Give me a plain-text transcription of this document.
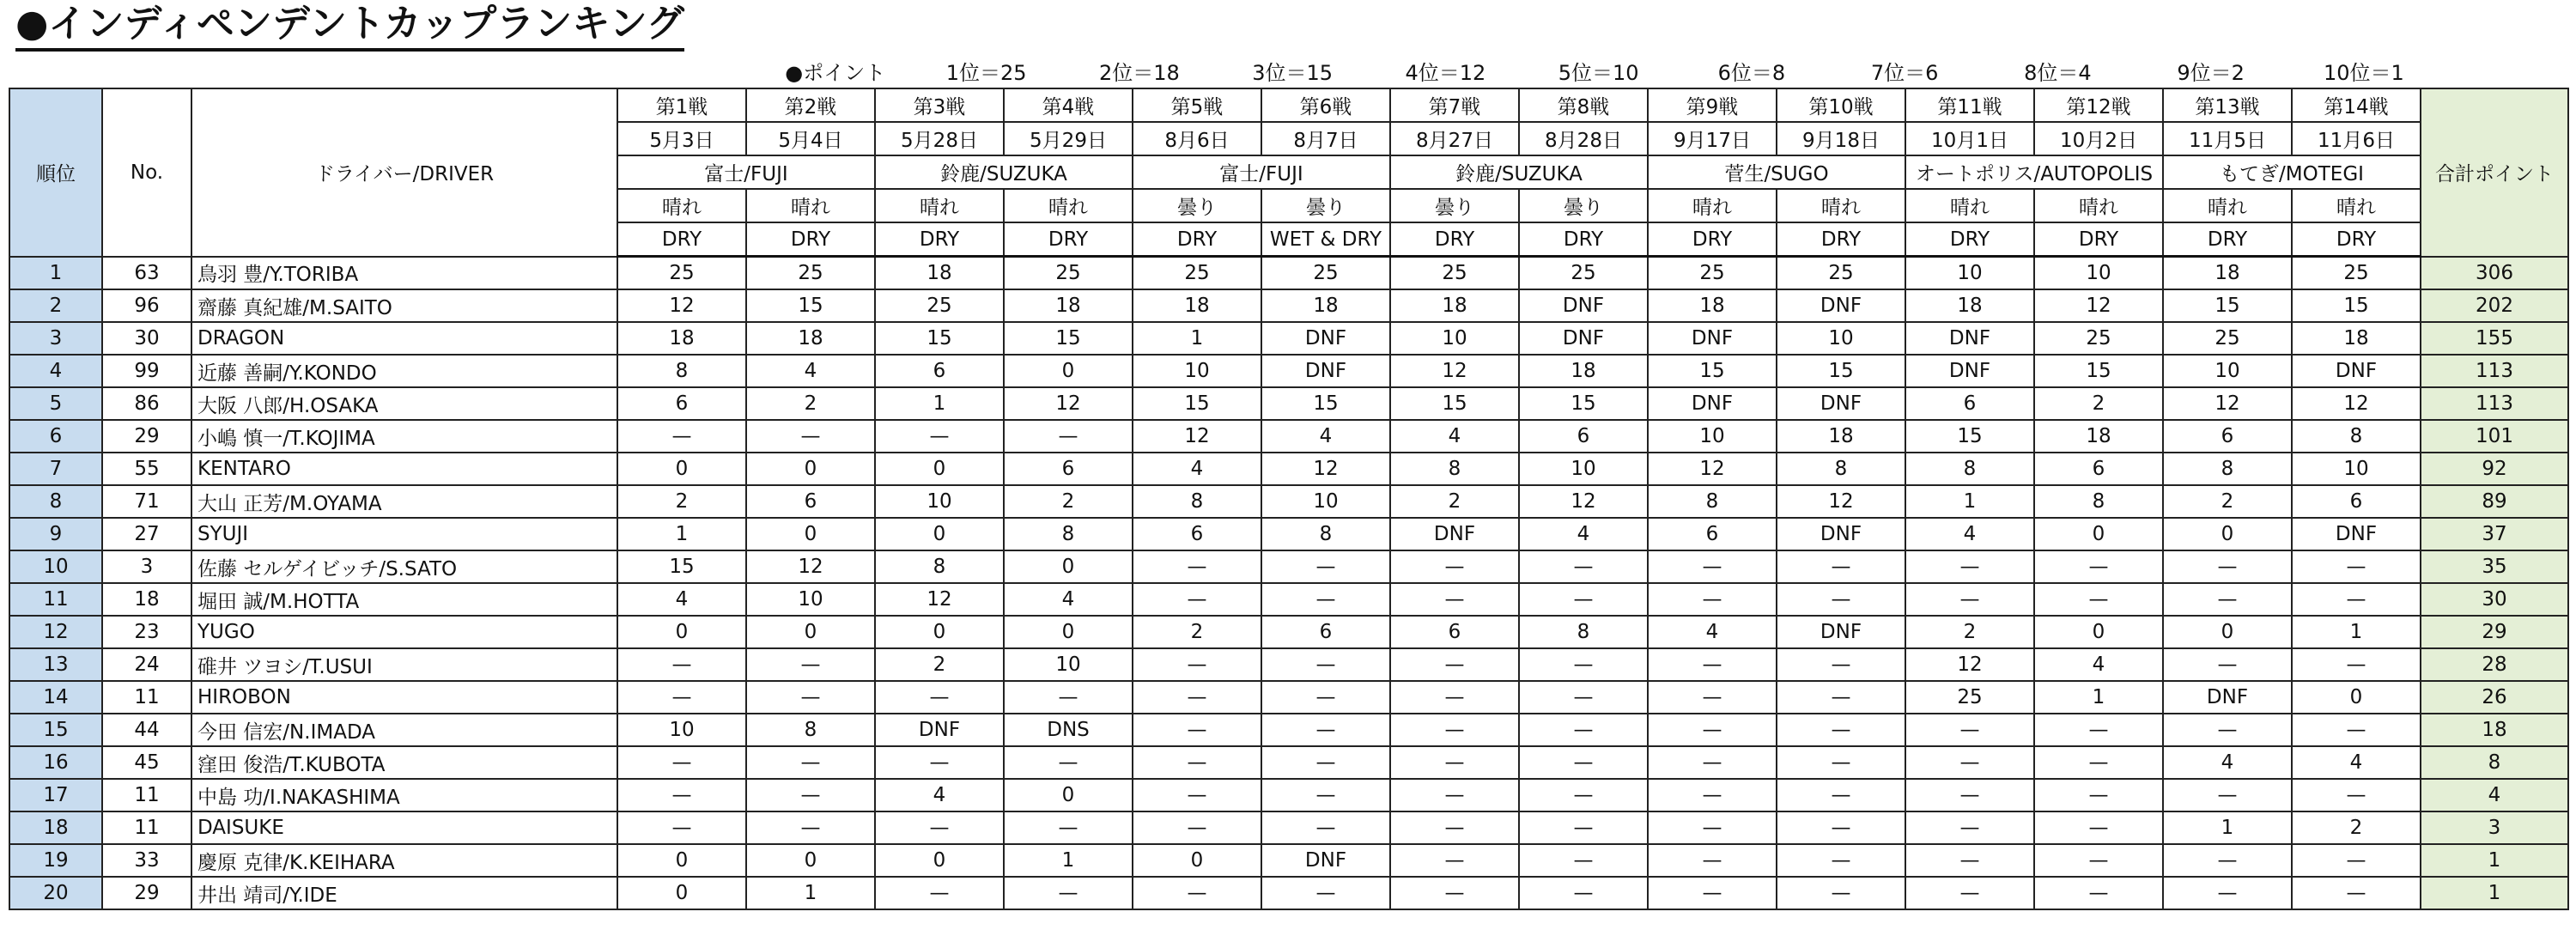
●インディペンデントカップランキング
●ポイント	1位＝25	2位＝18	3位＝15	4位＝12	5位＝10	6位＝8	7位＝6	8位＝4	9位＝2	10位＝1
順位	No.	ドライバー/DRIVER	第1戦	第2戦	第3戦	第4戦	第5戦	第6戦	第7戦	第8戦	第9戦	第10戦	第11戦	第12戦	第13戦	第14戦	合計ポイント
			5月3日	5月4日	5月28日	5月29日	8月6日	8月7日	8月27日	8月28日	9月17日	9月18日	10月1日	10月2日	11月5日	11月6日	
			富士/FUJI		鈴鹿/SUZUKA		富士/FUJI		鈴鹿/SUZUKA		菅生/SUGO		オートポリス/AUTOPOLIS		もてぎ/MOTEGI		
			晴れ	晴れ	晴れ	晴れ	曇り	曇り	曇り	曇り	晴れ	晴れ	晴れ	晴れ	晴れ	晴れ	
			DRY	DRY	DRY	DRY	DRY	WET & DRY	DRY	DRY	DRY	DRY	DRY	DRY	DRY	DRY	
1	63	鳥羽 豊/Y.TORIBA	25	25	18	25	25	25	25	25	25	25	10	10	18	25	306
2	96	齋藤 真紀雄/M.SAITO	12	15	25	18	18	18	18	DNF	18	DNF	18	12	15	15	202
3	30	DRAGON	18	18	15	15	1	DNF	10	DNF	DNF	10	DNF	25	25	18	155
4	99	近藤 善嗣/Y.KONDO	8	4	6	0	10	DNF	12	18	15	15	DNF	15	10	DNF	113
5	86	大阪 八郎/H.OSAKA	6	2	1	12	15	15	15	15	DNF	DNF	6	2	12	12	113
6	29	小嶋 慎一/T.KOJIMA	—	—	—	—	12	4	4	6	10	18	15	18	6	8	101
7	55	KENTARO	0	0	0	6	4	12	8	10	12	8	8	6	8	10	92
8	71	大山 正芳/M.OYAMA	2	6	10	2	8	10	2	12	8	12	1	8	2	6	89
9	27	SYUJI	1	0	0	8	6	8	DNF	4	6	DNF	4	0	0	DNF	37
10	3	佐藤 セルゲイビッチ/S.SATO	15	12	8	0	—	—	—	—	—	—	—	—	—	—	35
11	18	堀田 誠/M.HOTTA	4	10	12	4	—	—	—	—	—	—	—	—	—	—	30
12	23	YUGO	0	0	0	0	2	6	6	8	4	DNF	2	0	0	1	29
13	24	碓井 ツヨシ/T.USUI	—	—	2	10	—	—	—	—	—	—	12	4	—	—	28
14	11	HIROBON	—	—	—	—	—	—	—	—	—	—	25	1	DNF	0	26
15	44	今田 信宏/N.IMADA	10	8	DNF	DNS	—	—	—	—	—	—	—	—	—	—	18
16	45	窪田 俊浩/T.KUBOTA	—	—	—	—	—	—	—	—	—	—	—	—	4	4	8
17	11	中島 功/I.NAKASHIMA	—	—	4	0	—	—	—	—	—	—	—	—	—	—	4
18	11	DAISUKE	—	—	—	—	—	—	—	—	—	—	—	—	1	2	3
19	33	慶原 克律/K.KEIHARA	0	0	0	1	0	DNF	—	—	—	—	—	—	—	—	1
20	29	井出 靖司/Y.IDE	0	1	—	—	—	—	—	—	—	—	—	—	—	—	1
